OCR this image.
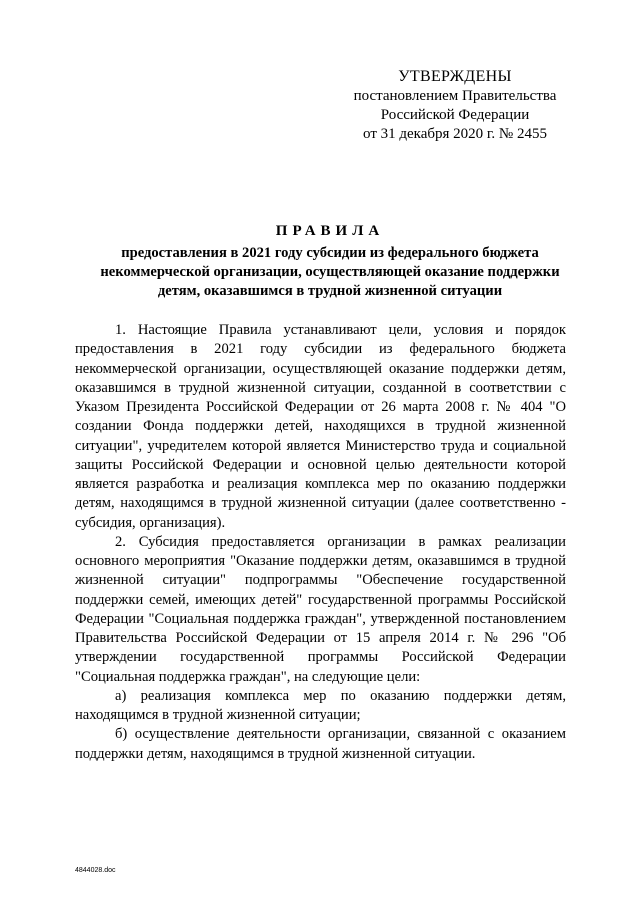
УТВЕРЖДЕНЫ
постановлением Правительства
Российской Федерации
от 31 декабря 2020 г. № 2455
ПРАВИЛА
предоставления в 2021 году субсидии из федерального бюджета
некоммерческой организации, осуществляющей оказание поддержки
детям, оказавшимся в трудной жизненной ситуации

1. Настоящие Правила устанавливают цели, условия и порядок предоставления в 2021 году субсидии из федерального бюджета некоммерческой организации, осуществляющей оказание поддержки детям, оказавшимся в трудной жизненной ситуации, созданной в соответствии с Указом Президента Российской Федерации от 26 марта 2008 г. № 404 "О создании Фонда поддержки детей, находящихся в трудной жизненной ситуации", учредителем которой является Министерство труда и социальной защиты Российской Федерации и основной целью деятельности которой является разработка и реализация комплекса мер по оказанию поддержки детям, находящимся в трудной жизненной ситуации (далее соответственно - субсидия, организация).

2. Субсидия предоставляется организации в рамках реализации основного мероприятия "Оказание поддержки детям, оказавшимся в трудной жизненной ситуации" подпрограммы "Обеспечение государственной поддержки семей, имеющих детей" государственной программы Российской Федерации "Социальная поддержка граждан", утвержденной постановлением Правительства Российской Федерации от 15 апреля 2014 г. № 296 "Об утверждении государственной программы Российской Федерации "Социальная поддержка граждан", на следующие цели:

а) реализация комплекса мер по оказанию поддержки детям, находящимся в трудной жизненной ситуации;

б) осуществление деятельности организации, связанной с оказанием поддержки детям, находящимся в трудной жизненной ситуации.

4844028.doc
